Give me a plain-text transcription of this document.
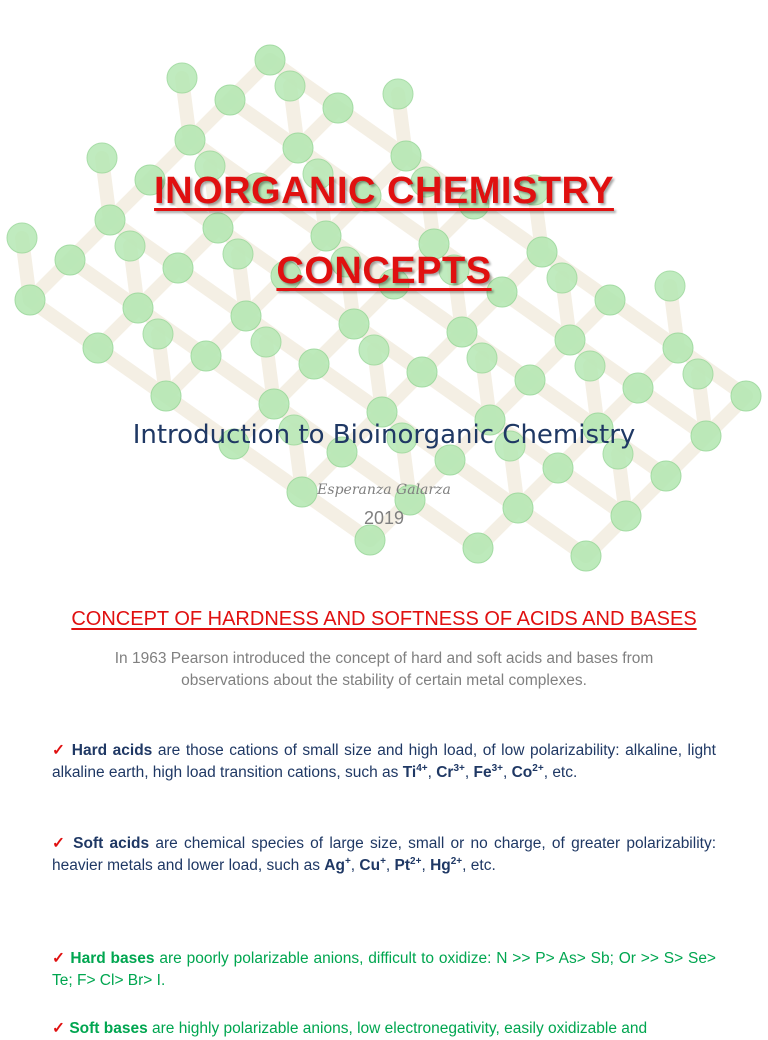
INORGANIC CHEMISTRY
CONCEPTS
Introduction to Bioinorganic Chemistry
Esperanza Galarza
2019
CONCEPT OF HARDNESS AND SOFTNESS OF ACIDS AND BASES
In 1963 Pearson introduced the concept of hard and soft acids and bases from observations about the stability of certain metal complexes.
✓ Hard acids are those cations of small size and high load, of low polarizability: alkaline, light alkaline earth, high load transition cations, such as $Ti^{4+}$, $Cr^{3+}$, $Fe^{3+}$, $Co^{2+}$, etc.
✓ Soft acids are chemical species of large size, small or no charge, of greater polarizability: heavier metals and lower load, such as Ag+, Cu+, $Pt^{2+}$, $Hg^{2+}$, etc.
✓ Hard bases are poorly polarizable anions, difficult to oxidize: N >> P> As> Sb; Or >> S> Se> Te; F> Cl> Br> I.
✓ Soft bases are highly polarizable anions, low electronegativity, easily oxidizable and
